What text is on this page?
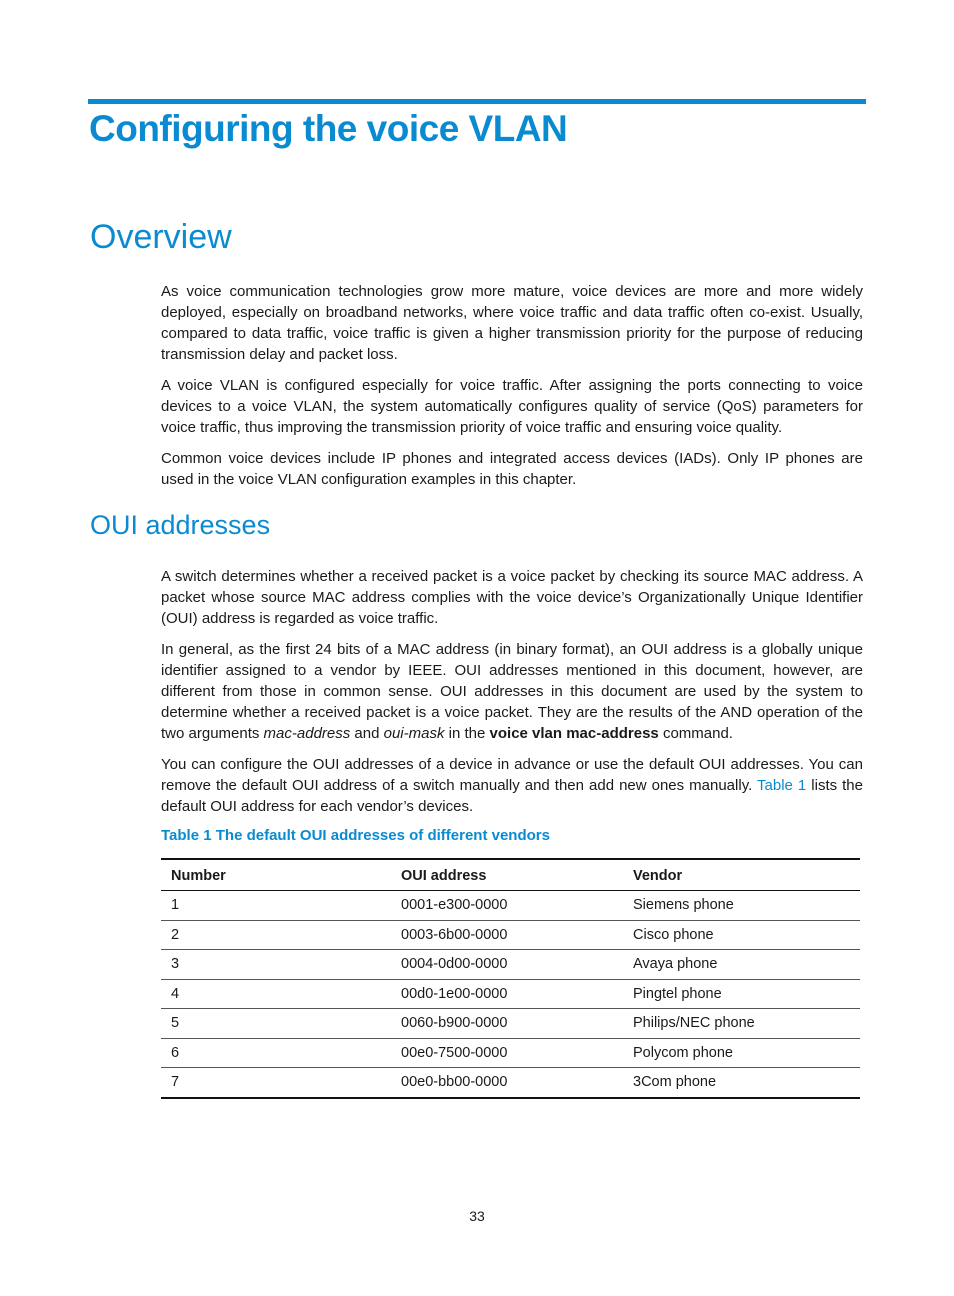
Configuring the voice VLAN
Overview

As voice communication technologies grow more mature, voice devices are more and more widely deployed, especially on broadband networks, where voice traffic and data traffic often co-exist. Usually, compared to data traffic, voice traffic is given a higher transmission priority for the purpose of reducing transmission delay and packet loss.

A voice VLAN is configured especially for voice traffic. After assigning the ports connecting to voice devices to a voice VLAN, the system automatically configures quality of service (QoS) parameters for voice traffic, thus improving the transmission priority of voice traffic and ensuring voice quality.

Common voice devices include IP phones and integrated access devices (IADs). Only IP phones are used in the voice VLAN configuration examples in this chapter.

OUI addresses

A switch determines whether a received packet is a voice packet by checking its source MAC address. A packet whose source MAC address complies with the voice device’s Organizationally Unique Identifier (OUI) address is regarded as voice traffic.

In general, as the first 24 bits of a MAC address (in binary format), an OUI address is a globally unique identifier assigned to a vendor by IEEE. OUI addresses mentioned in this document, however, are different from those in common sense. OUI addresses in this document are used by the system to determine whether a received packet is a voice packet. They are the results of the AND operation of the two arguments mac-address and oui-mask in the voice vlan mac-address command.

You can configure the OUI addresses of a device in advance or use the default OUI addresses. You can remove the default OUI address of a switch manually and then add new ones manually. Table 1 lists the default OUI address for each vendor’s devices.

Table 1 The default OUI addresses of different vendors

Number	OUI address	Vendor
1	0001-e300-0000	Siemens phone
2	0003-6b00-0000	Cisco phone
3	0004-0d00-0000	Avaya phone
4	00d0-1e00-0000	Pingtel phone
5	0060-b900-0000	Philips/NEC phone
6	00e0-7500-0000	Polycom phone
7	00e0-bb00-0000	3Com phone
33
